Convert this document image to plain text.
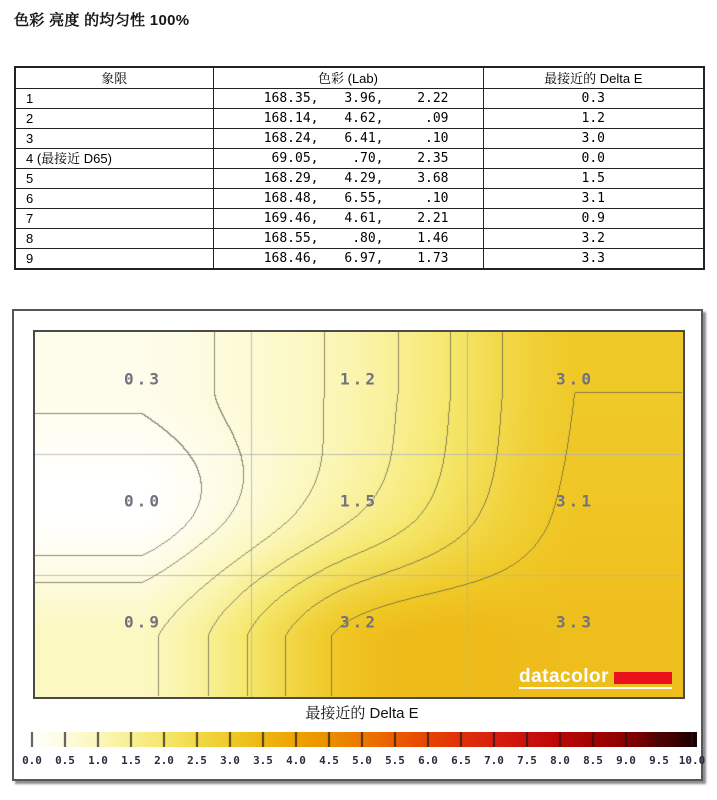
色彩 亮度 的均匀性 100%
象限	色彩 (Lab)	最接近的 Delta E
1	168.35, 3.96, 2.22	0.3
2	168.14, 4.62, .09	1.2
3	168.24, 6.41, .10	3.0
4 (最接近 D65)	69.05, .70, 2.35	0.0
5	168.29, 4.29, 3.68	1.5
6	168.48, 6.55, .10	3.1
7	169.46, 4.61, 2.21	0.9
8	168.55, .80, 1.46	3.2
9	168.46, 6.97, 1.73	3.3
datacolor
0.3	1.2	3.0
0.0	1.5	3.1
0.9	3.2	3.3
最接近的 Delta E
0.0 0.5 1.0 1.5 2.0 2.5 3.0 3.5 4.0 4.5 5.0 5.5 6.0 6.5 7.0 7.5 8.0 8.5 9.0 9.5 10.0
